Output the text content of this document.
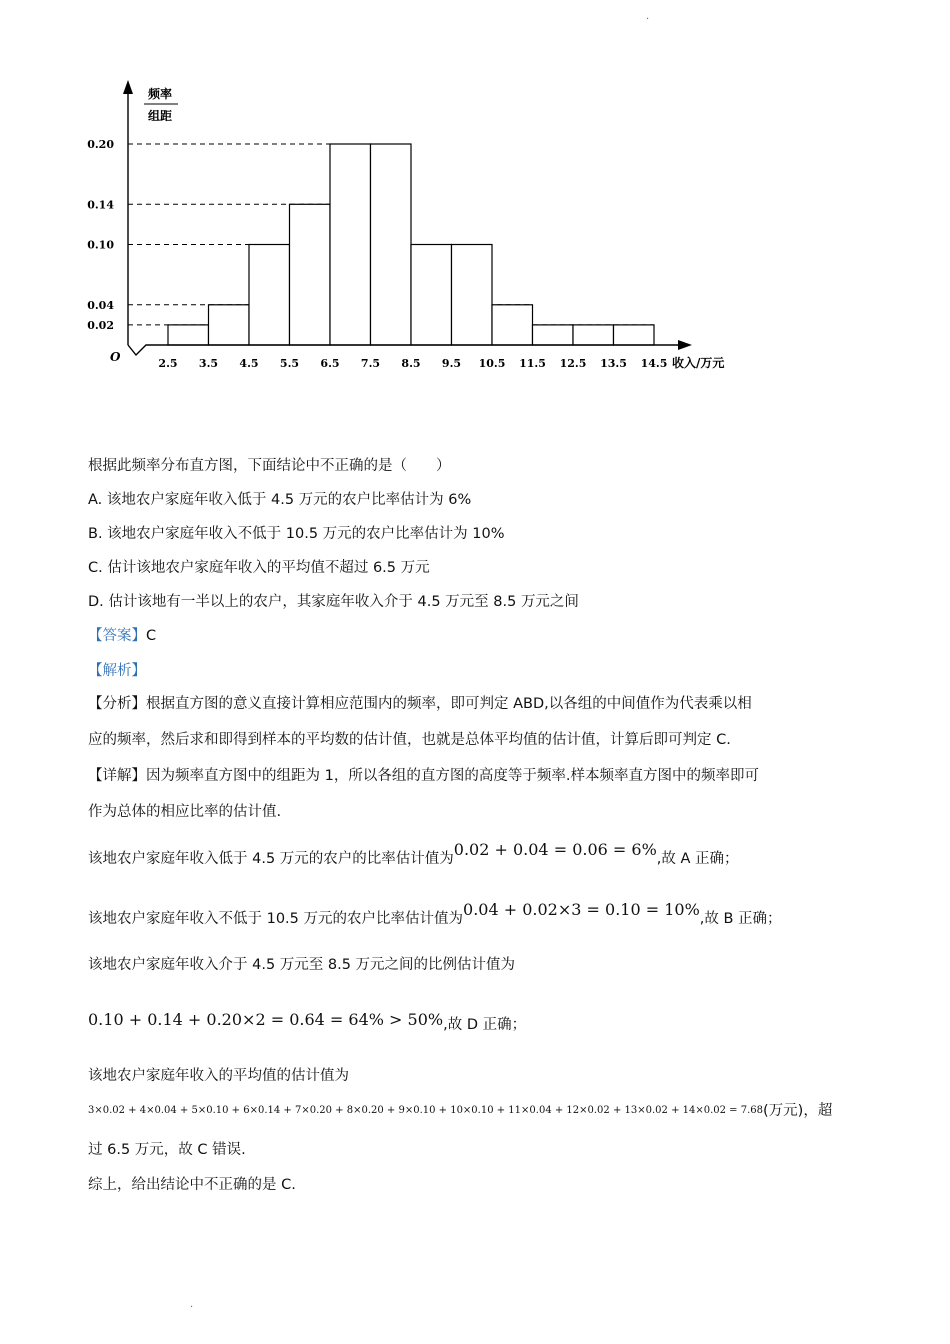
·
频率
组距
O	收入/万元
2.5 3.5 4.5 5.5 6.5 7.5 8.5 9.5 10.5 11.5 12.5 13.5 14.5
0.20
0.14
0.10
0.04
0.02
根据此频率分布直方图，下面结论中不正确的是（　　）
A. 该地农户家庭年收入低于 4.5 万元的农户比率估计为 6%
B. 该地农户家庭年收入不低于 10.5 万元的农户比率估计为 10%
C. 估计该地农户家庭年收入的平均值不超过 6.5 万元
D. 估计该地有一半以上的农户，其家庭年收入介于 4.5 万元至 8.5 万元之间
【答案】C
【解析】
【分析】根据直方图的意义直接计算相应范围内的频率，即可判定 ABD,以各组的中间值作为代表乘以相
应的频率，然后求和即得到样本的平均数的估计值，也就是总体平均值的估计值，计算后即可判定 C.
【详解】因为频率直方图中的组距为 1，所以各组的直方图的高度等于频率.样本频率直方图中的频率即可
作为总体的相应比率的估计值.
该地农户家庭年收入低于 4.5 万元的农户的比率估计值为0.02 + 0.04 = 0.06 = 6%,故 A 正确；
该地农户家庭年收入不低于 10.5 万元的农户比率估计值为0.04 + 0.02×3 = 0.10 = 10%,故 B 正确；
该地农户家庭年收入介于 4.5 万元至 8.5 万元之间的比例估计值为
0.10 + 0.14 + 0.20×2 = 0.64 = 64% > 50%,故 D 正确；
该地农户家庭年收入的平均值的估计值为
3×0.02 + 4×0.04 + 5×0.10 + 6×0.14 + 7×0.20 + 8×0.20 + 9×0.10 + 10×0.10 + 11×0.04 + 12×0.02 + 13×0.02 + 14×0.02 = 7.68(万元)，超
过 6.5 万元，故 C 错误.
综上，给出结论中不正确的是 C.
·
